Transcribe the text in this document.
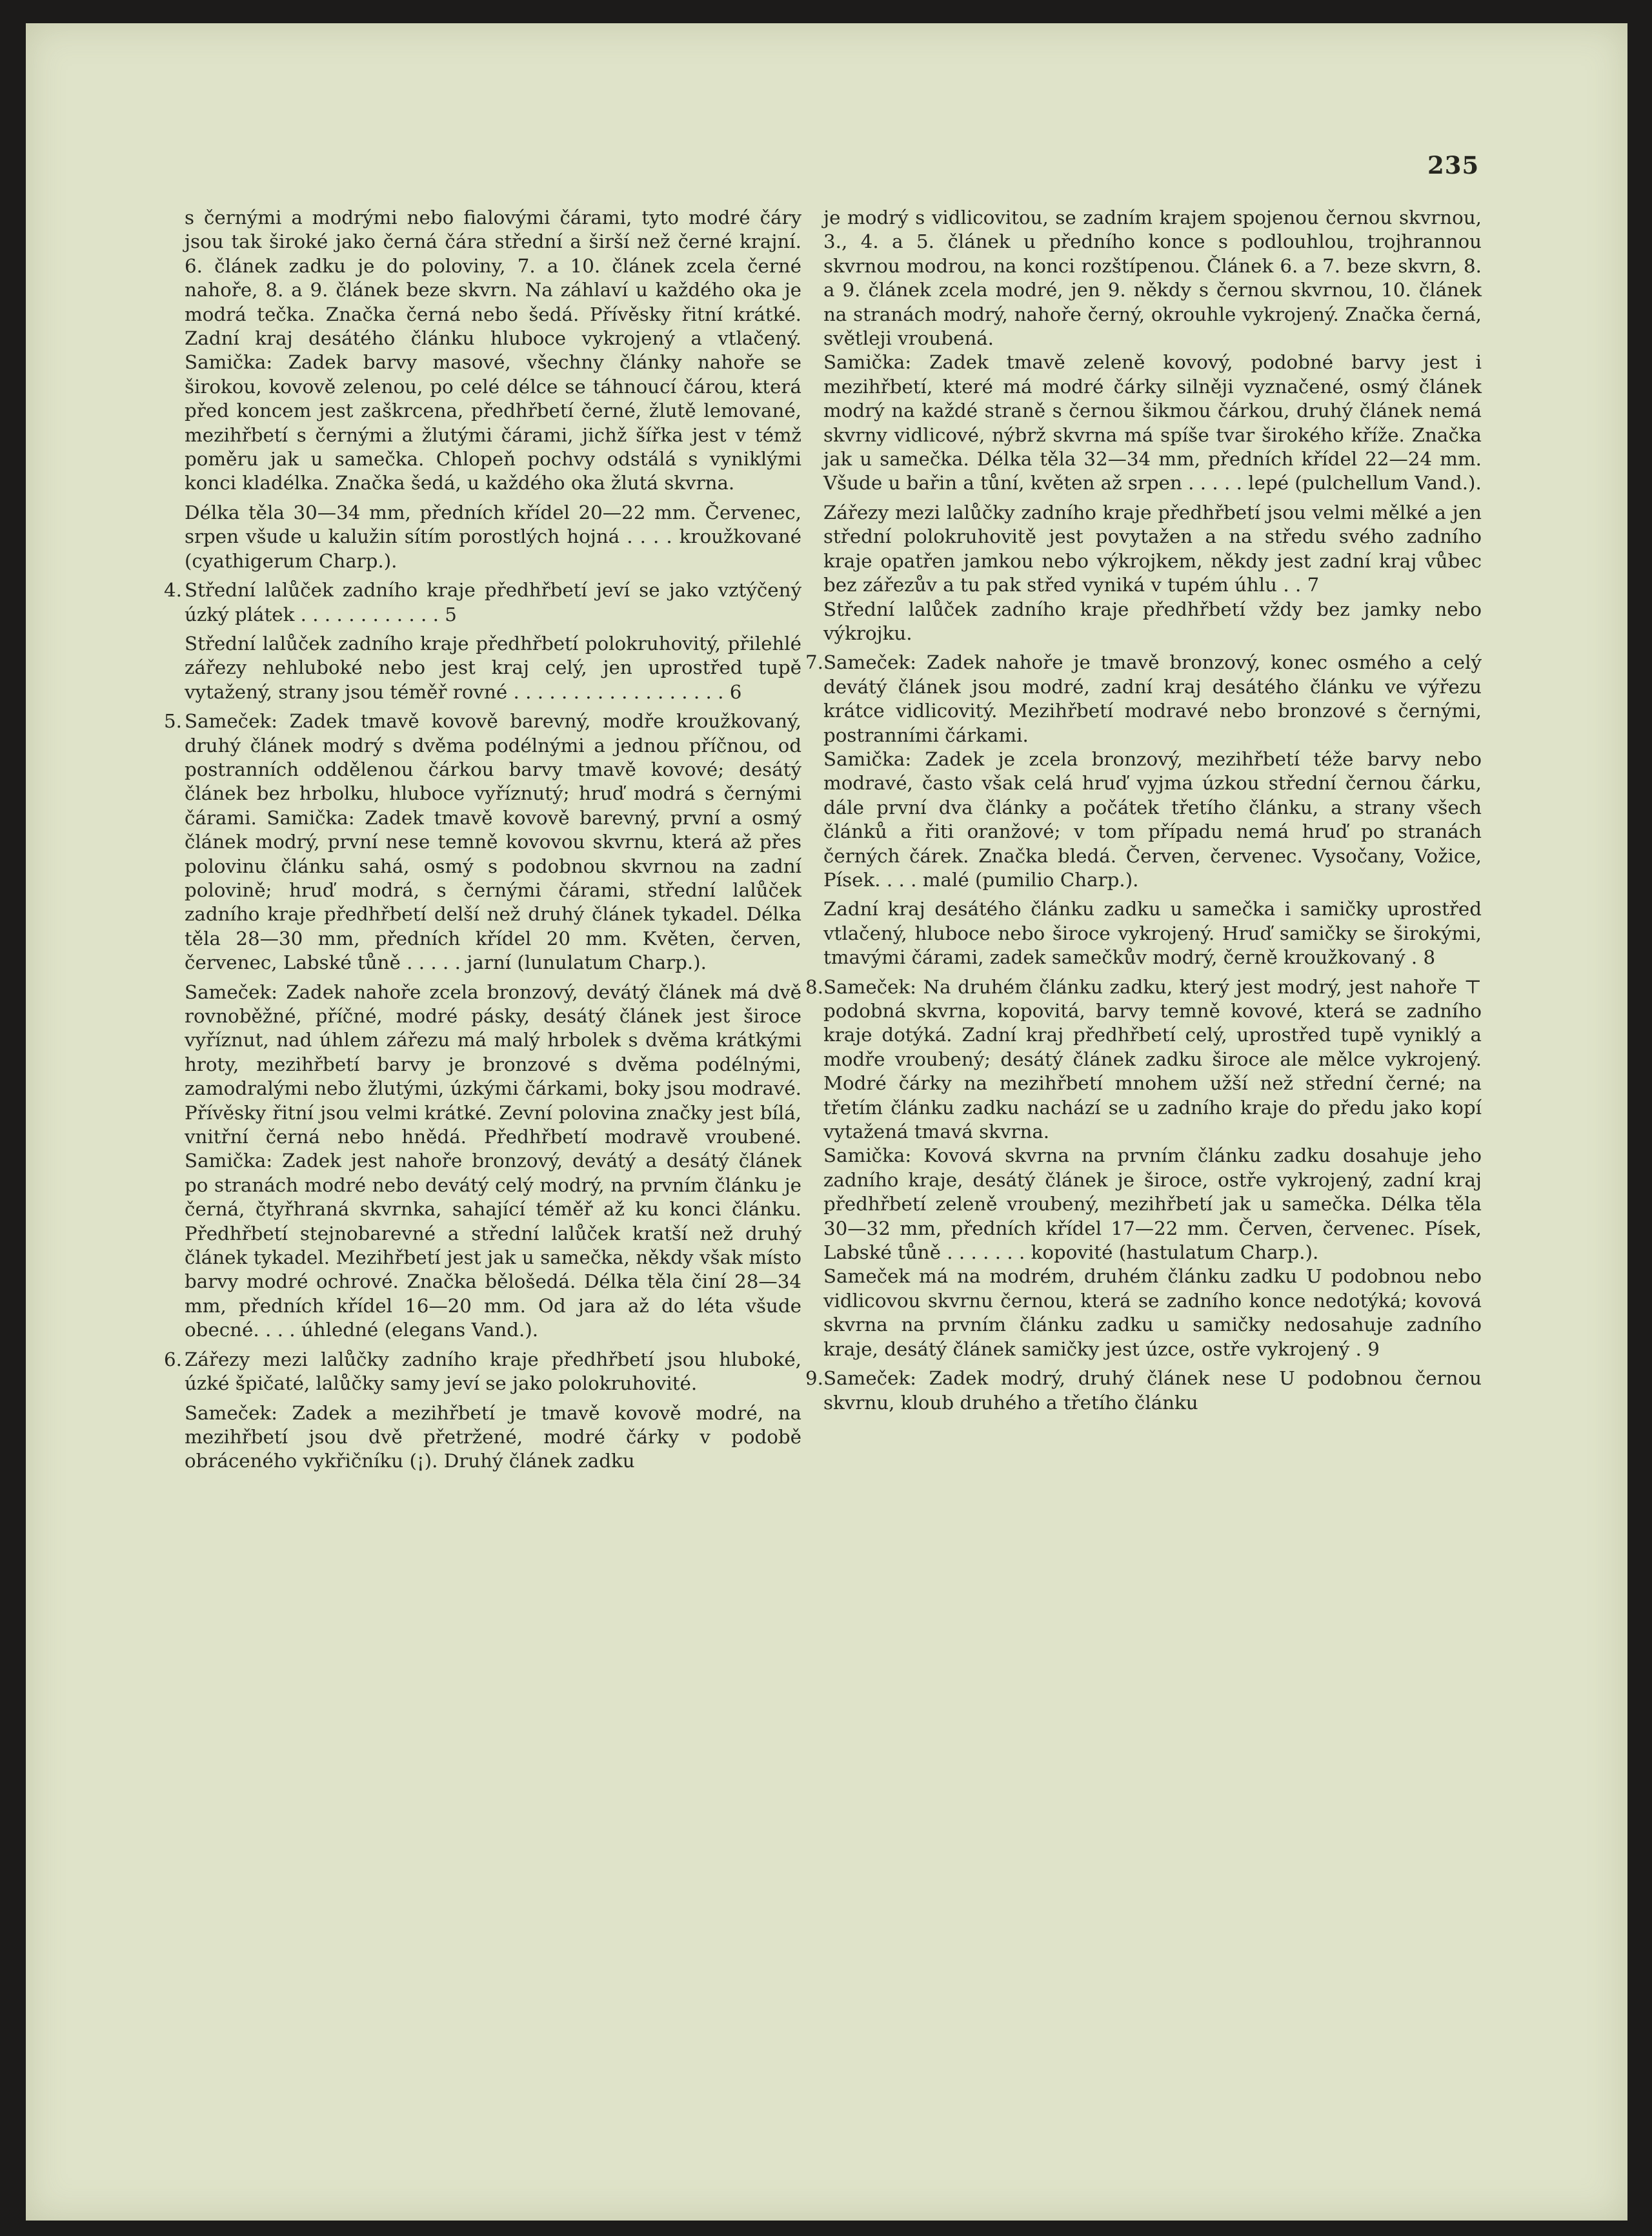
235
s černými a modrými nebo fialovými čárami, tyto modré čáry jsou tak široké jako černá čára střední a širší než černé krajní. 6. článek zadku je do poloviny, 7. a 10. článek zcela černé nahoře, 8. a 9. článek beze skvrn. Na záhlaví u každého oka je modrá tečka. Značka černá nebo šedá. Přívěsky řitní krátké. Zadní kraj desátého článku hluboce vykrojený a vtlačený. Samička: Zadek barvy masové, všechny články nahoře se širokou, kovově zelenou, po celé délce se táhnoucí čárou, která před koncem jest zaškrcena, předhřbetí černé, žlutě lemované, mezihřbetí s černými a žlutými čárami, jichž šířka jest v témž poměru jak u samečka. Chlopeň pochvy odstálá s vyniklými konci kladélka. Značka šedá, u každého oka žlutá skvrna.
Délka těla 30—34 mm, předních křídel 20—22 mm. Červenec, srpen všude u kalužin sítím porostlých hojná . . . . kroužkované (cyathigerum Charp.).
4. Střední lalůček zadního kraje předhřbetí jeví se jako vztýčený úzký plátek . . . . . . . . . . . . 5
Střední lalůček zadního kraje předhřbetí polokruhovitý, přilehlé zářezy nehluboké nebo jest kraj celý, jen uprostřed tupě vytažený, strany jsou téměř rovné . . . . . . . . . . . . . . . . . . 6
5. Sameček: Zadek tmavě kovově barevný, modře kroužkovaný, druhý článek modrý s dvěma podélnými a jednou příčnou, od postranních oddělenou čárkou barvy tmavě kovové; desátý článek bez hrbolku, hluboce vyříznutý; hruď modrá s černými čárami. Samička: Zadek tmavě kovově barevný, první a osmý článek modrý, první nese temně kovovou skvrnu, která až přes polovinu článku sahá, osmý s podobnou skvrnou na zadní polovině; hruď modrá, s černými čárami, střední lalůček zadního kraje předhřbetí delší než druhý článek tykadel. Délka těla 28—30 mm, předních křídel 20 mm. Květen, červen, červenec, Labské tůně . . . . . jarní (lunulatum Charp.).
Sameček: Zadek nahoře zcela bronzový, devátý článek má dvě rovnoběžné, příčné, modré pásky, desátý článek jest široce vyříznut, nad úhlem zářezu má malý hrbolek s dvěma krátkými hroty, mezihřbetí barvy je bronzové s dvěma podélnými, zamodralými nebo žlutými, úzkými čárkami, boky jsou modravé. Přívěsky řitní jsou velmi krátké. Zevní polovina značky jest bílá, vnitřní černá nebo hnědá. Předhřbetí modravě vroubené. Samička: Zadek jest nahoře bronzový, devátý a desátý článek po stranách modré nebo devátý celý modrý, na prvním článku je černá, čtyřhraná skvrnka, sahající téměř až ku konci článku. Předhřbetí stejnobarevné a střední lalůček kratší než druhý článek tykadel. Mezihřbetí jest jak u samečka, někdy však místo barvy modré ochrové. Značka bělošedá. Délka těla činí 28—34 mm, předních křídel 16—20 mm. Od jara až do léta všude obecné. . . . úhledné (elegans Vand.).
6. Zářezy mezi lalůčky zadního kraje předhřbetí jsou hluboké, úzké špičaté, lalůčky samy jeví se jako polokruhovité.
Sameček: Zadek a mezihřbetí je tmavě kovově modré, na mezihřbetí jsou dvě přetržené, modré čárky v podobě obráceného vykřičníku (¡). Druhý článek zadku
je modrý s vidlicovitou, se zadním krajem spojenou černou skvrnou, 3., 4. a 5. článek u předního konce s podlouhlou, trojhrannou skvrnou modrou, na konci rozštípenou. Článek 6. a 7. beze skvrn, 8. a 9. článek zcela modré, jen 9. někdy s černou skvrnou, 10. článek na stranách modrý, nahoře černý, okrouhle vykrojený. Značka černá, světleji vroubená.
Samička: Zadek tmavě zeleně kovový, podobné barvy jest i mezihřbetí, které má modré čárky silněji vyznačené, osmý článek modrý na každé straně s černou šikmou čárkou, druhý článek nemá skvrny vidlicové, nýbrž skvrna má spíše tvar širokého kříže. Značka jak u samečka. Délka těla 32—34 mm, předních křídel 22—24 mm. Všude u bařin a tůní, květen až srpen . . . . . lepé (pulchellum Vand.).
Zářezy mezi lalůčky zadního kraje předhřbetí jsou velmi mělké a jen střední polokruhovitě jest povytažen a na středu svého zadního kraje opatřen jamkou nebo výkrojkem, někdy jest zadní kraj vůbec bez zářezův a tu pak střed vyniká v tupém úhlu . . 7
Střední lalůček zadního kraje předhřbetí vždy bez jamky nebo výkrojku.
7. Sameček: Zadek nahoře je tmavě bronzový, konec osmého a celý devátý článek jsou modré, zadní kraj desátého článku ve výřezu krátce vidlicovitý. Mezihřbetí modravé nebo bronzové s černými, postranními čárkami.
Samička: Zadek je zcela bronzový, mezihřbetí téže barvy nebo modravé, často však celá hruď vyjma úzkou střední černou čárku, dále první dva články a počátek třetího článku, a strany všech článků a řiti oranžové; v tom případu nemá hruď po stranách černých čárek. Značka bledá. Červen, červenec. Vysočany, Vožice, Písek. . . . malé (pumilio Charp.).
Zadní kraj desátého článku zadku u samečka i samičky uprostřed vtlačený, hluboce nebo široce vykrojený. Hruď samičky se širokými, tmavými čárami, zadek samečkův modrý, černě kroužkovaný . 8
8. Sameček: Na druhém článku zadku, který jest modrý, jest nahoře ⊤ podobná skvrna, kopovitá, barvy temně kovové, která se zadního kraje dotýká. Zadní kraj předhřbetí celý, uprostřed tupě vyniklý a modře vroubený; desátý článek zadku široce ale mělce vykrojený. Modré čárky na mezihřbetí mnohem užší než střední černé; na třetím článku zadku nachází se u zadního kraje do předu jako kopí vytažená tmavá skvrna.
Samička: Kovová skvrna na prvním článku zadku dosahuje jeho zadního kraje, desátý článek je široce, ostře vykrojený, zadní kraj předhřbetí zeleně vroubený, mezihřbetí jak u samečka. Délka těla 30—32 mm, předních křídel 17—22 mm. Červen, červenec. Písek, Labské tůně . . . . . . . kopovité (hastulatum Charp.).
Sameček má na modrém, druhém článku zadku U podobnou nebo vidlicovou skvrnu černou, která se zadního konce nedotýká; kovová skvrna na prvním článku zadku u samičky nedosahuje zadního kraje, desátý článek samičky jest úzce, ostře vykrojený . 9
9. Sameček: Zadek modrý, druhý článek nese U podobnou černou skvrnu, kloub druhého a třetího článku
